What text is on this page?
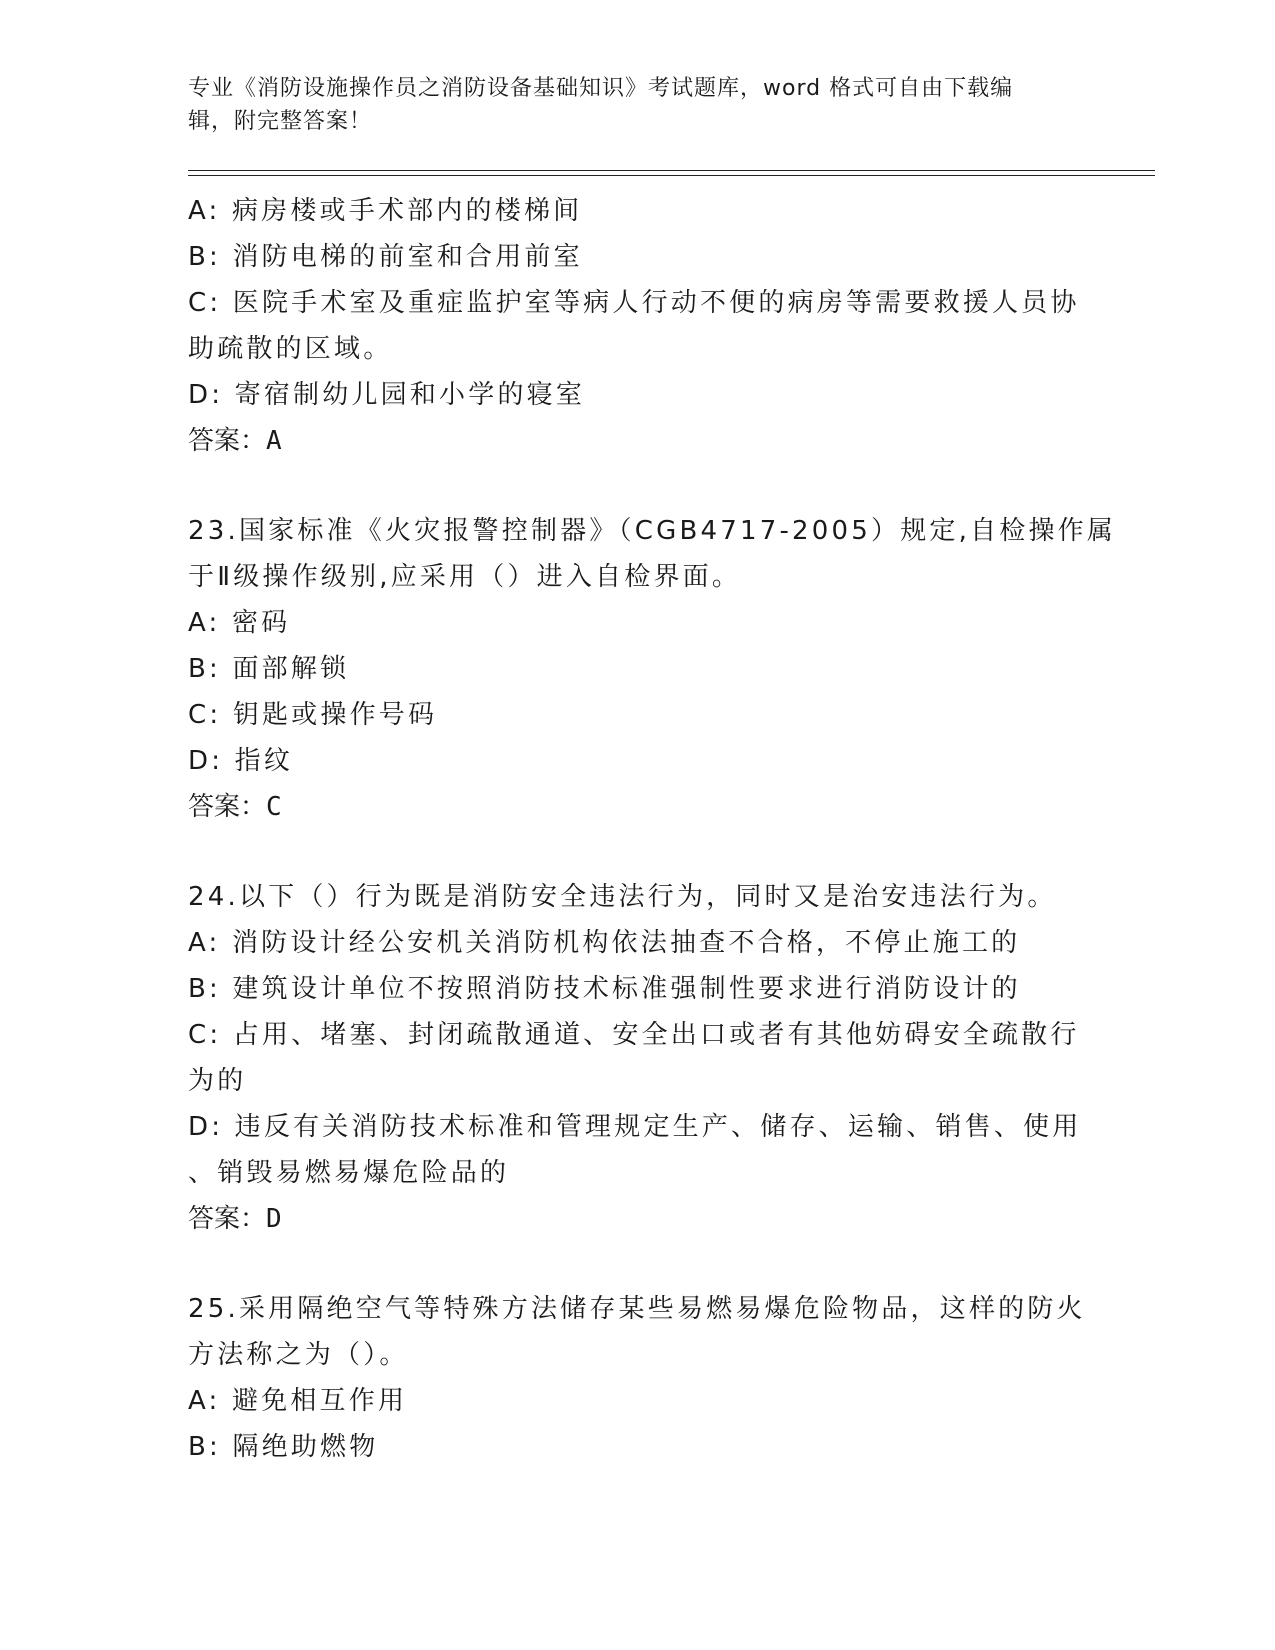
专业《消防设施操作员之消防设备基础知识》考试题库，word 格式可自由下载编
辑，附完整答案！

A: 病房楼或手术部内的楼梯间

B: 消防电梯的前室和合用前室

C: 医院手术室及重症监护室等病人行动不便的病房等需要救援人员协

助疏散的区域。

D: 寄宿制幼儿园和小学的寝室

答案：A

23.国家标准《火灾报警控制器》（CGB4717-2005）规定,自检操作属

于Ⅱ级操作级别,应采用（）进入自检界面。

A: 密码

B: 面部解锁

C: 钥匙或操作号码

D: 指纹

答案：C

24.以下（）行为既是消防安全违法行为，同时又是治安违法行为。

A: 消防设计经公安机关消防机构依法抽查不合格，不停止施工的

B: 建筑设计单位不按照消防技术标准强制性要求进行消防设计的

C: 占用、堵塞、封闭疏散通道、安全出口或者有其他妨碍安全疏散行

为的

D: 违反有关消防技术标准和管理规定生产、储存、运输、销售、使用

、销毁易燃易爆危险品的

答案：D

25.采用隔绝空气等特殊方法储存某些易燃易爆危险物品，这样的防火

方法称之为（）。

A: 避免相互作用

B: 隔绝助燃物
